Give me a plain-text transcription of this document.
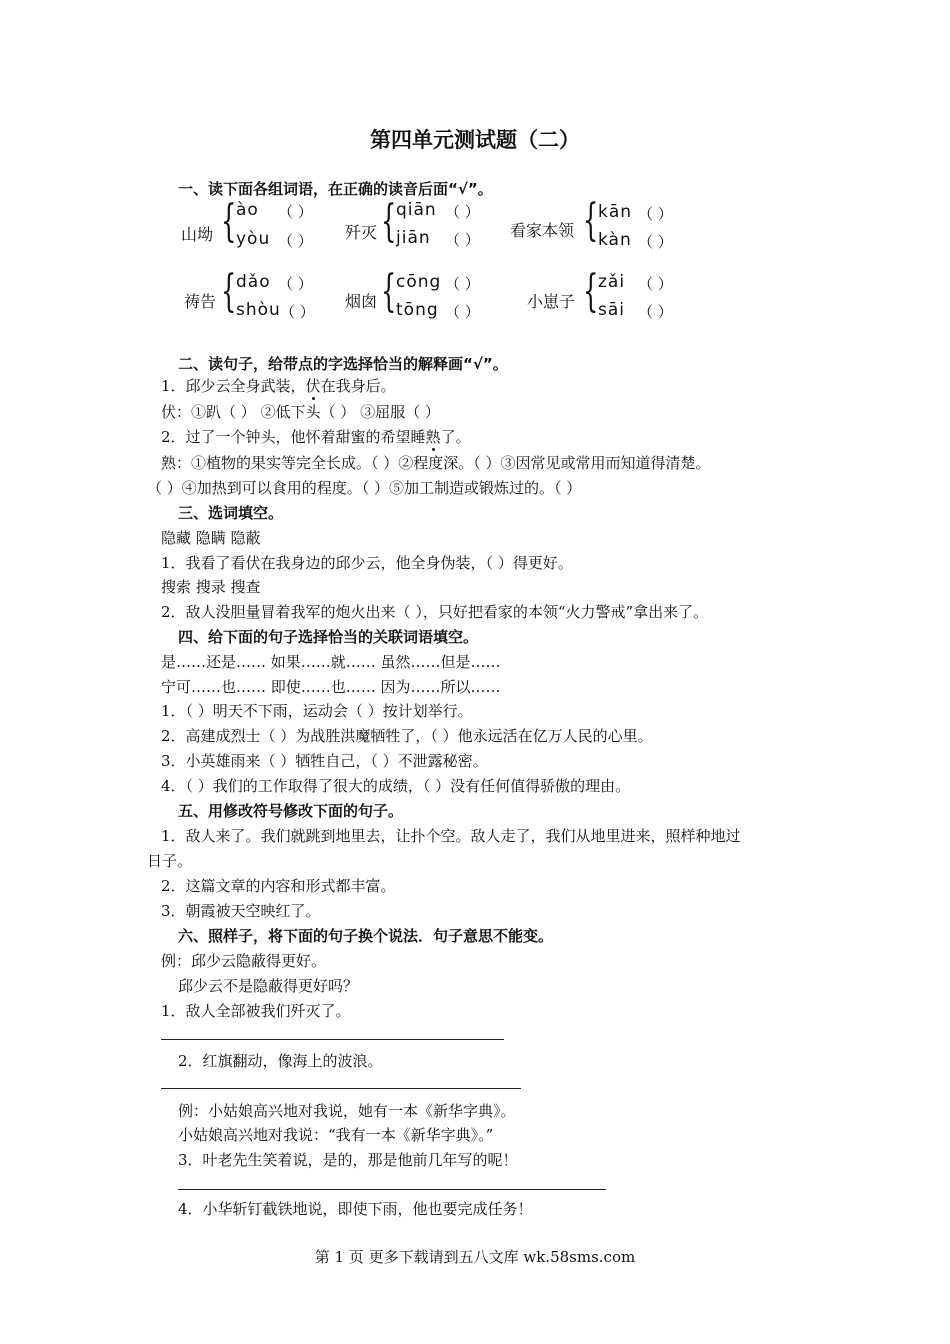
第四单元测试题（二）
一、读下面各组词语，在正确的读音后面“√”。
山坳 { ào （ ）
yòu （ ） 歼灭 { qiān （ ）
jiān （ ） 看家本领 { kān （ ）
kàn （ ）
祷告 { dǎo （ ）
shòu （ ）
烟囱 { cōng （ ）
tōng （ ）
小崽子 { zǎi （ ）
sāi （ ）
二、读句子，给带点的字选择恰当的解释画“√”。
1．邱少云全身武装，伏在我身后。
伏：①趴（ ） ②低下头（ ） ③屈服（ ）
2．过了一个钟头，他怀着甜蜜的希望睡熟了。
熟：①植物的果实等完全长成。（ ）②程度深。（ ）③因常见或常用而知道得清楚。
（ ）④加热到可以食用的程度。（ ）⑤加工制造或锻炼过的。（ ）
三、选词填空。
隐藏 隐瞒 隐蔽
1．我看了看伏在我身边的邱少云，他全身伪装，（ ）得更好。
搜索 搜录 搜查
2．敌人没胆量冒着我军的炮火出来（ ），只好把看家的本领“火力警戒”拿出来了。
四、给下面的句子选择恰当的关联词语填空。
是……还是…… 如果……就…… 虽然……但是……
宁可……也…… 即使……也…… 因为……所以……
1．（ ）明天不下雨，运动会（ ）按计划举行。
2．高建成烈士（ ）为战胜洪魔牺牲了，（ ）他永远活在亿万人民的心里。
3．小英雄雨来（ ）牺牲自己，（ ）不泄露秘密。
4．（ ）我们的工作取得了很大的成绩，（ ）没有任何值得骄傲的理由。
五、用修改符号修改下面的句子。
1．敌人来了。我们就跳到地里去，让扑个空。敌人走了，我们从地里进来，照样种地过
日子。
2．这篇文章的内容和形式都丰富。
3．朝霞被天空映红了。
六、照样子，将下面的句子换个说法．句子意思不能变。
例：邱少云隐蔽得更好。
邱少云不是隐蔽得更好吗？
1．敌人全部被我们歼灭了。
2．红旗翻动，像海上的波浪。
例：小姑娘高兴地对我说，她有一本《新华字典》。
小姑娘高兴地对我说：“我有一本《新华字典》。”
3．叶老先生笑着说，是的，那是他前几年写的呢！
4．小华斩钉截铁地说，即使下雨，他也要完成任务！
第 1 页 更多下载请到五八文库 wk.58sms.com
